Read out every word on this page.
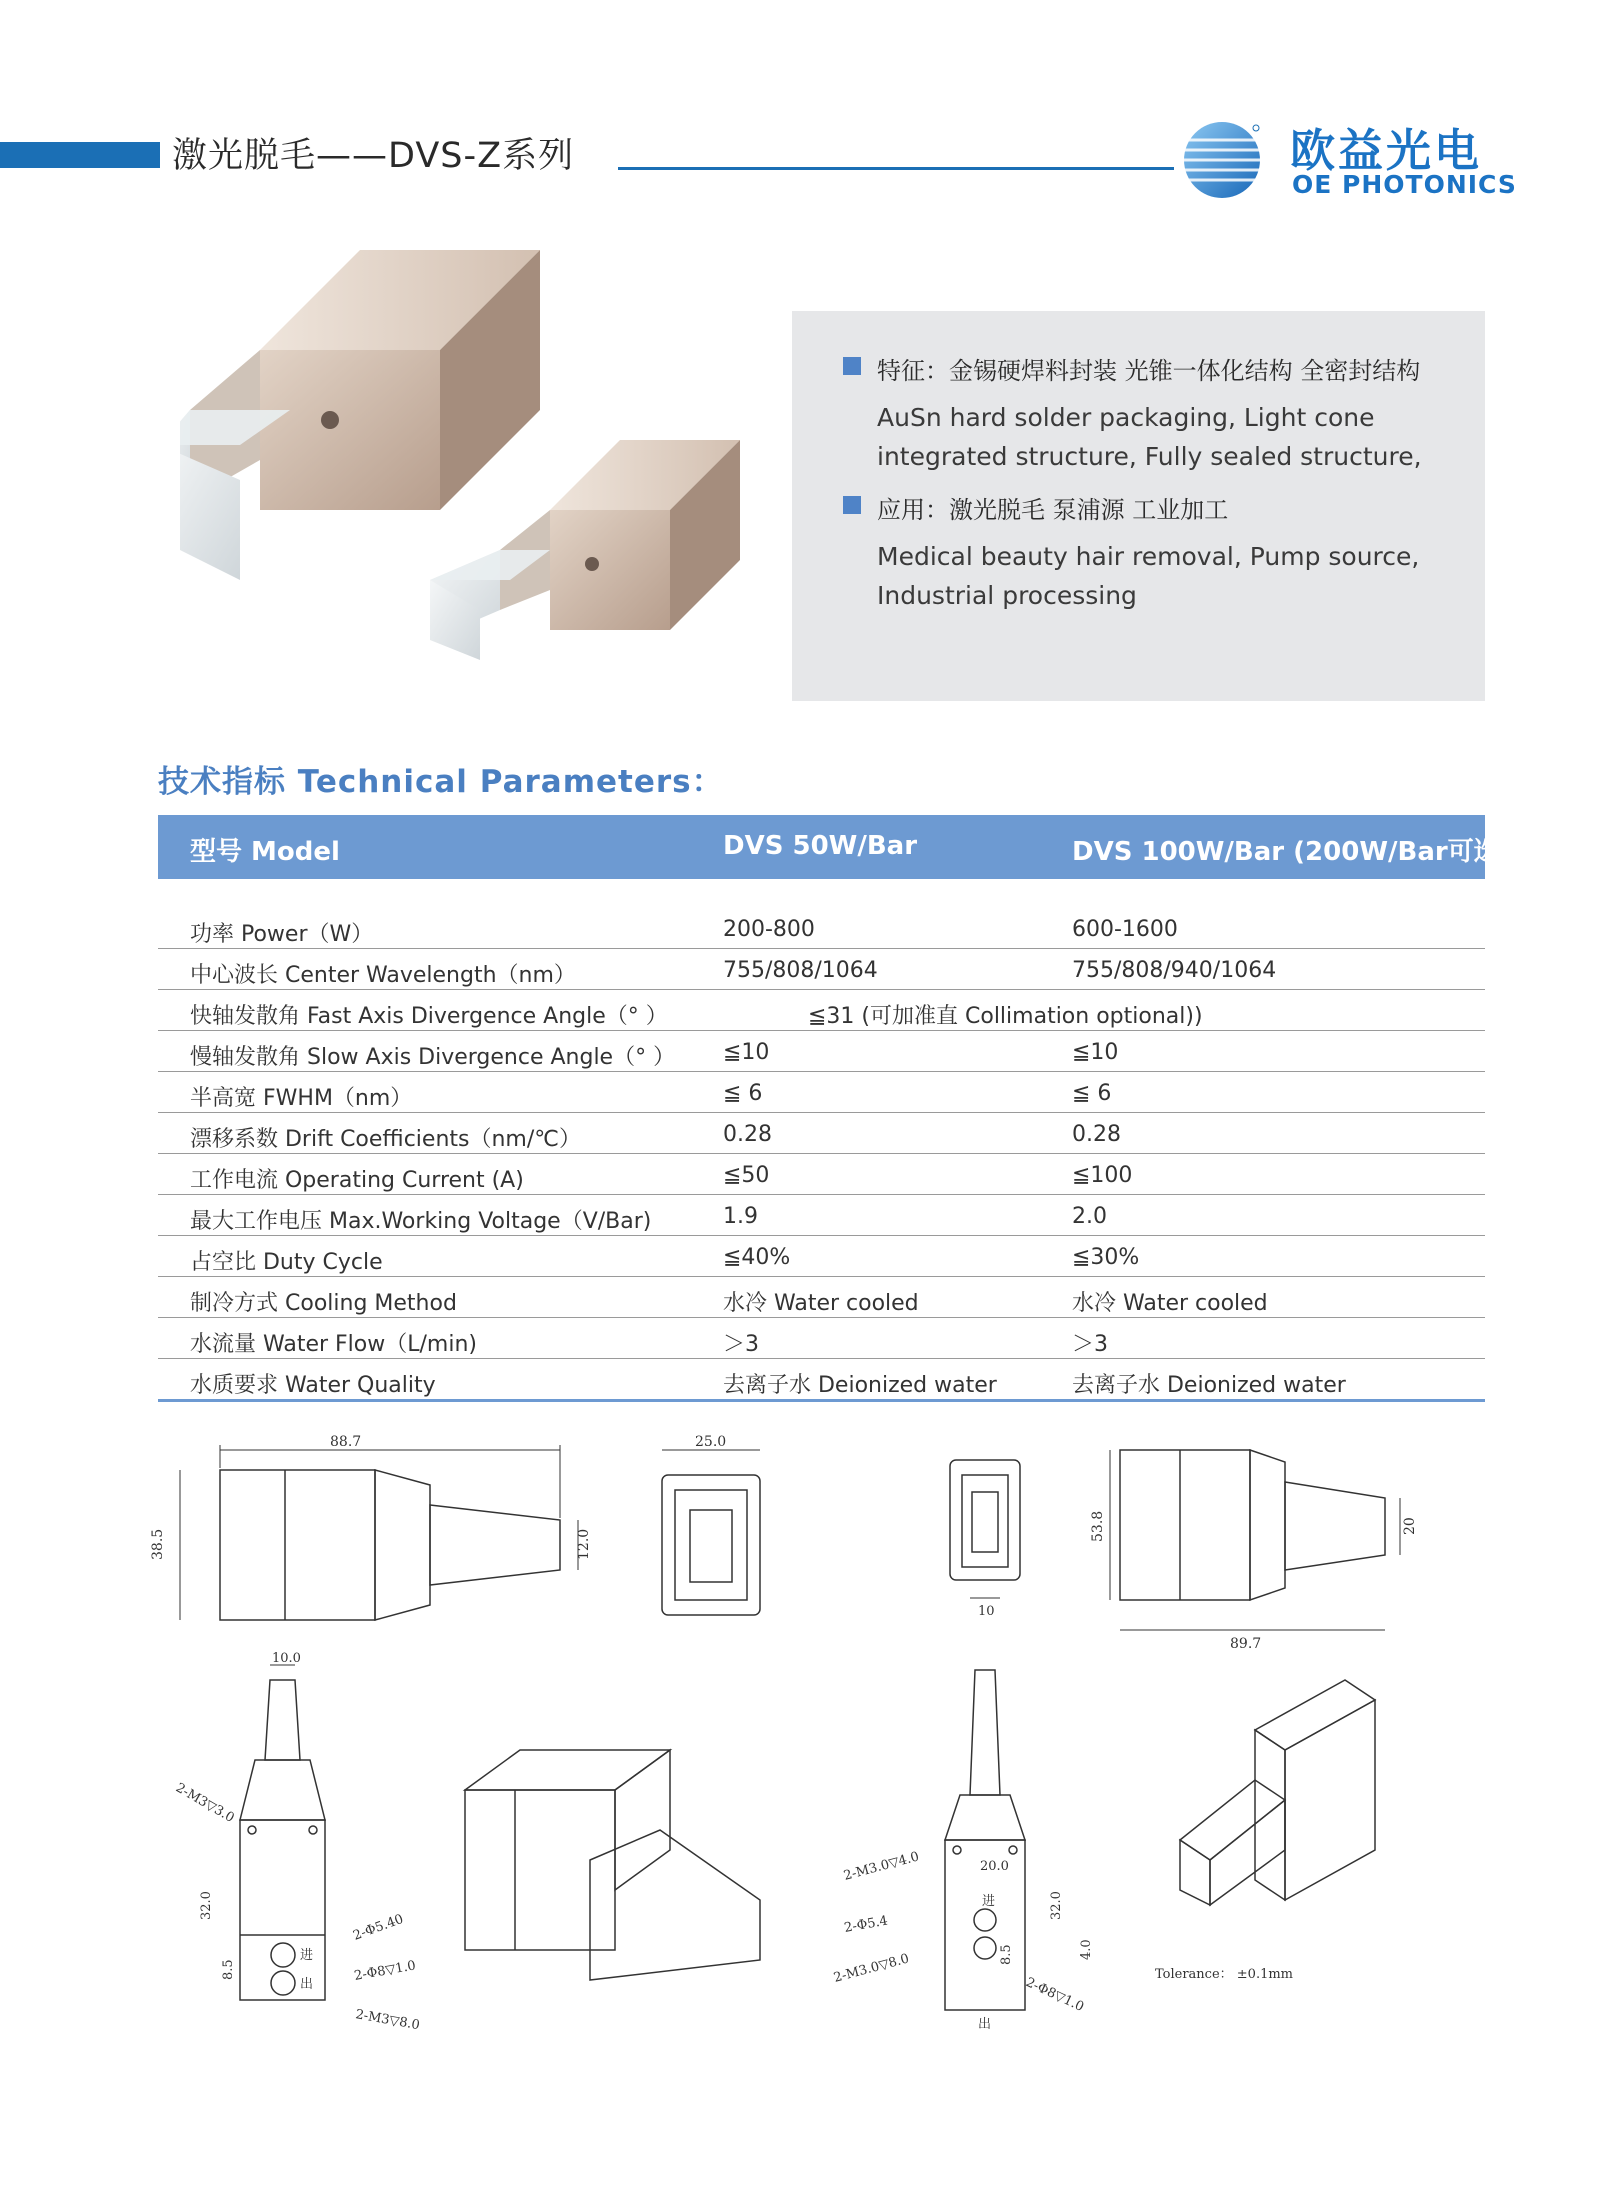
激光脱毛——DVS-Z系列	欧益光电
OE PHOTONICS
特征：金锡硬焊料封装 光锥一体化结构 全密封结构
AuSn hard solder packaging, Light cone
integrated structure, Fully sealed structure,
应用：激光脱毛 泵浦源 工业加工
Medical beauty hair removal, Pump source,
Industrial processing
技术指标 Technical Parameters：
型号 Model	DVS 50W/Bar	DVS 100W/Bar (200W/Bar可选 )
功率 Power（W）	200-800	600-1600
中心波长 Center Wavelength（nm）	755/808/1064	755/808/940/1064
快轴发散角 Fast Axis Divergence Angle（° ）	≦31 (可加准直 Collimation optional))
慢轴发散角 Slow Axis Divergence Angle（° ） ≦10	≦10
半高宽 FWHM（nm）	≦ 6	≦ 6
漂移系数 Drift Coefficients（nm/℃）	0.28	0.28
工作电流 Operating Current (A)	≦50	≦100
最大工作电压 Max.Working Voltage（V/Bar)	1.9	2.0
占空比 Duty Cycle	≦40%	≦30%
制冷方式 Cooling Method	水冷 Water cooled	水冷 Water cooled
水流量 Water Flow（L/min)	＞3	＞3
水质要求 Water Quality	去离子水 Deionized water	去离子水 Deionized water
88.7
38.5	12.0
25.0
10.0
2-M3▽3.0
2-Φ5.40
2-Φ8▽1.0
2-M3▽8.0
32.0
8.5
进
出
10
53.8	20
89.7
2-M3.0▽4.0	20.0
32.0
4.0
进
2-Φ5.4
8.5
2-M3.0▽8.0
2-Φ8▽1.0
出
Tolerance： ±0.1mm
